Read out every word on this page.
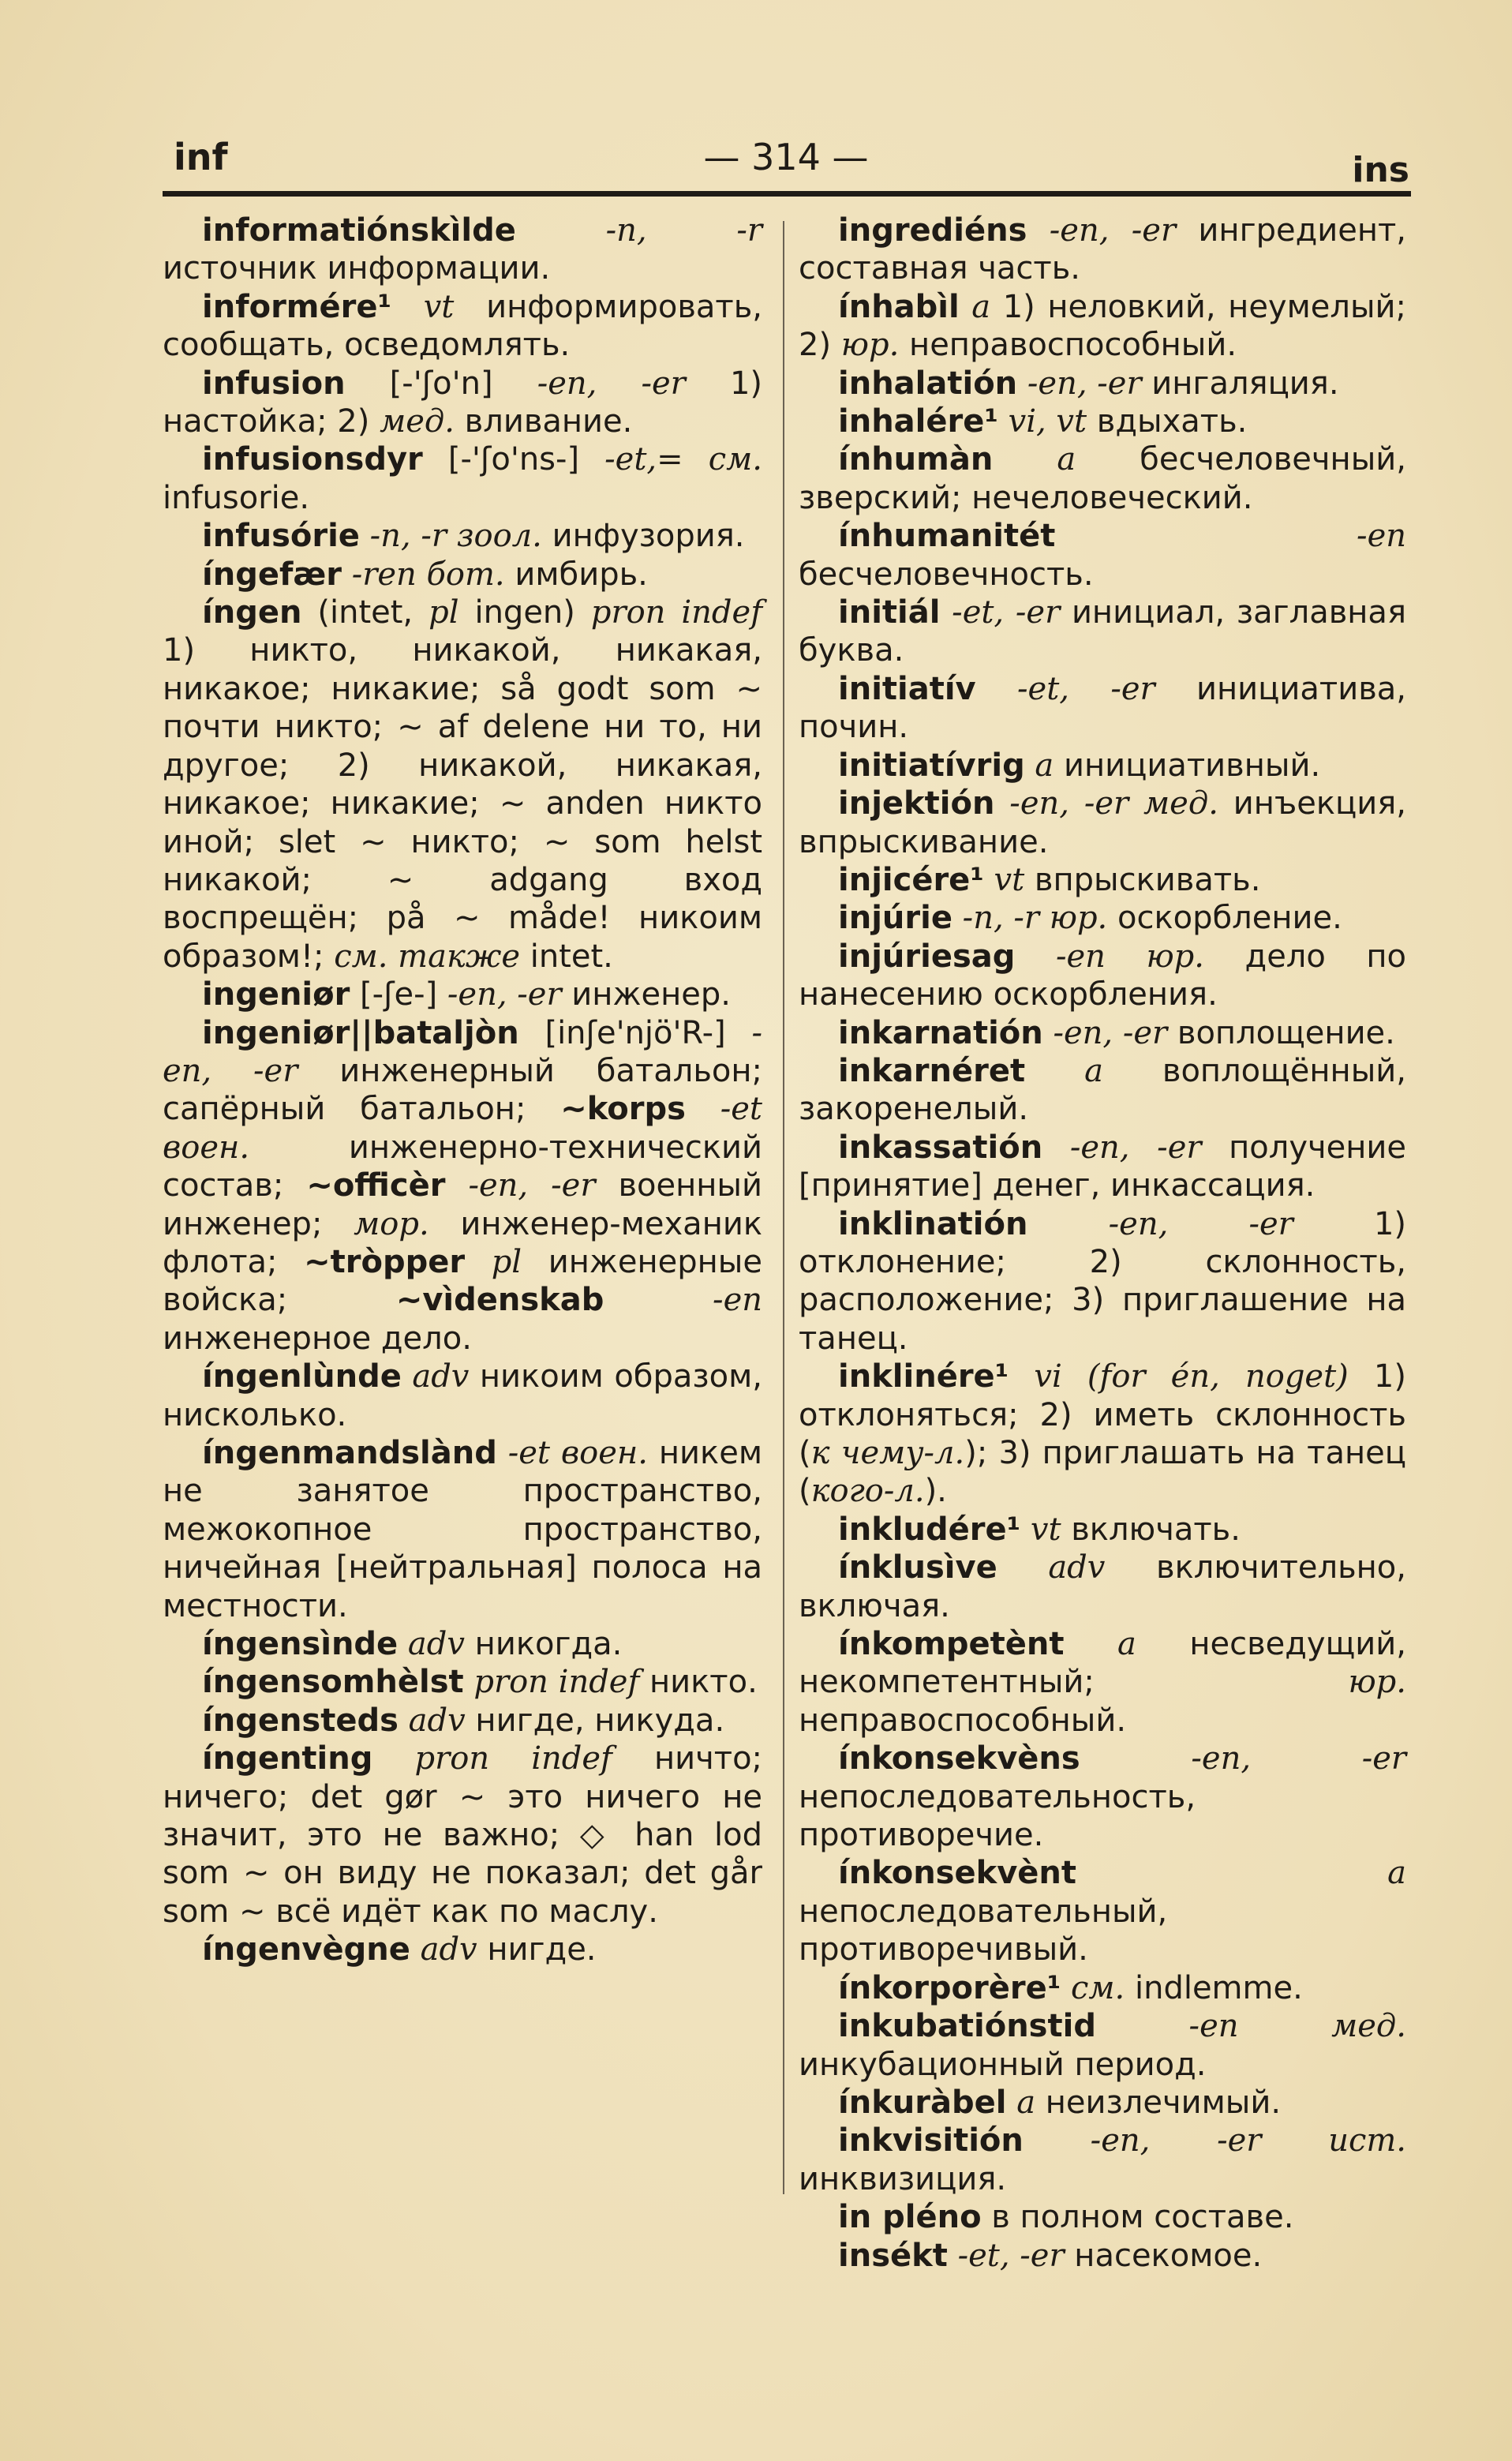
inf	— 314 —	ins

informatiónskìlde	-n, -r источник информации.

informére¹ vt информировать, сообщать, осведомлять.

infusion [-'ʃo'n] -en, -er 1) настойка; 2) мед. вливание.

infusionsdyr [-'ʃo'ns-] -et,= см. infusorie.

infusórie -n, -r зоол. инфузория.

íngefær -ren бот. имбирь.

íngen (intet, pl ingen) pron indef 1) никто, никакой, никакая, никакое; никакие; så godt som ~ почти никто; ~ af delene ни то, ни другое; 2) никакой, никакая, никакое; никакие; ~ anden никто иной; slet ~ никто; ~ som helst никакой; ~ adgang вход воспрещён; på ~ måde! никоим образом!; см. также intet.

ingeniør [-ʃe-] -en, -er инженер.

ingeniør||bataljòn [inʃe'njö'R-] -en, -er инженерный батальон; сапёрный батальон; ~korps -et воен. инженерно-технический состав; ~officèr -en, -er военный инженер; мор. инженер-механик флота; ~tròpper pl инженерные войска; ~vìdenskab	-en инженерное дело.

íngenlùnde adv никоим образом, нисколько.

íngenmandslànd -et воен. никем не занятое пространство, межокопное пространство, ничейная [нейтральная] полоса на местности.

íngensìnde adv никогда.

íngensomhèlst pron indef никто.

íngensteds adv нигде, никуда.

íngenting pron indef ничто; ничего; det gør ~ это ничего не значит, это не важно; ◇ han lod som ~ он виду не показал; det går som ~ всё идёт как по маслу.

íngenvègne adv нигде.

ingrediéns -en, -er ингредиент, составная часть.

ínhabìl a 1) неловкий, неумелый; 2) юр. неправоспособный.

inhalatión -en, -er ингаляция.

inhalére¹ vi, vt вдыхать.

ínhumàn a бесчеловечный, зверский; нечеловеческий.

ínhumanitét	-en бесчеловечность.

initiál -et, -er инициал, заглавная буква.

initiatív -et, -er инициатива, почин.

initiatívrig a инициативный.

injektión -en, -er мед. инъекция, впрыскивание.

injicére¹ vt впрыскивать.

injúrie -n, -r юр. оскорбление.

injúriesag -en юр. дело по нанесению оскорбления.

inkarnatión -en, -er воплощение.

inkarnéret a воплощённый, закоренелый.

inkassatión -en, -er получение [принятие] денег, инкассация.

inklinatión	-en, -er 1) отклонение; 2) склонность, расположение; 3) приглашение на танец.

inklinére¹ vi (for én, noget) 1) отклоняться; 2) иметь склонность (к чему-л.); 3) приглашать на танец (кого-л.).

inkludére¹ vt включать.

ínklusìve adv включительно, включая.

ínkompetènt a несведущий, некомпетентный; юр. неправоспособный.

ínkonsekvèns	-en, -er непоследовательность, противоречие.

ínkonsekvènt	a непоследовательный, противоречивый.

ínkorporère¹ см. indlemme.

inkubatiónstid	-en мед. инкубационный период.

ínkuràbel a неизлечимый.

inkvisitión -en, -er ист. инквизиция.

in pléno в полном составе.

insékt -et, -er насекомое.
